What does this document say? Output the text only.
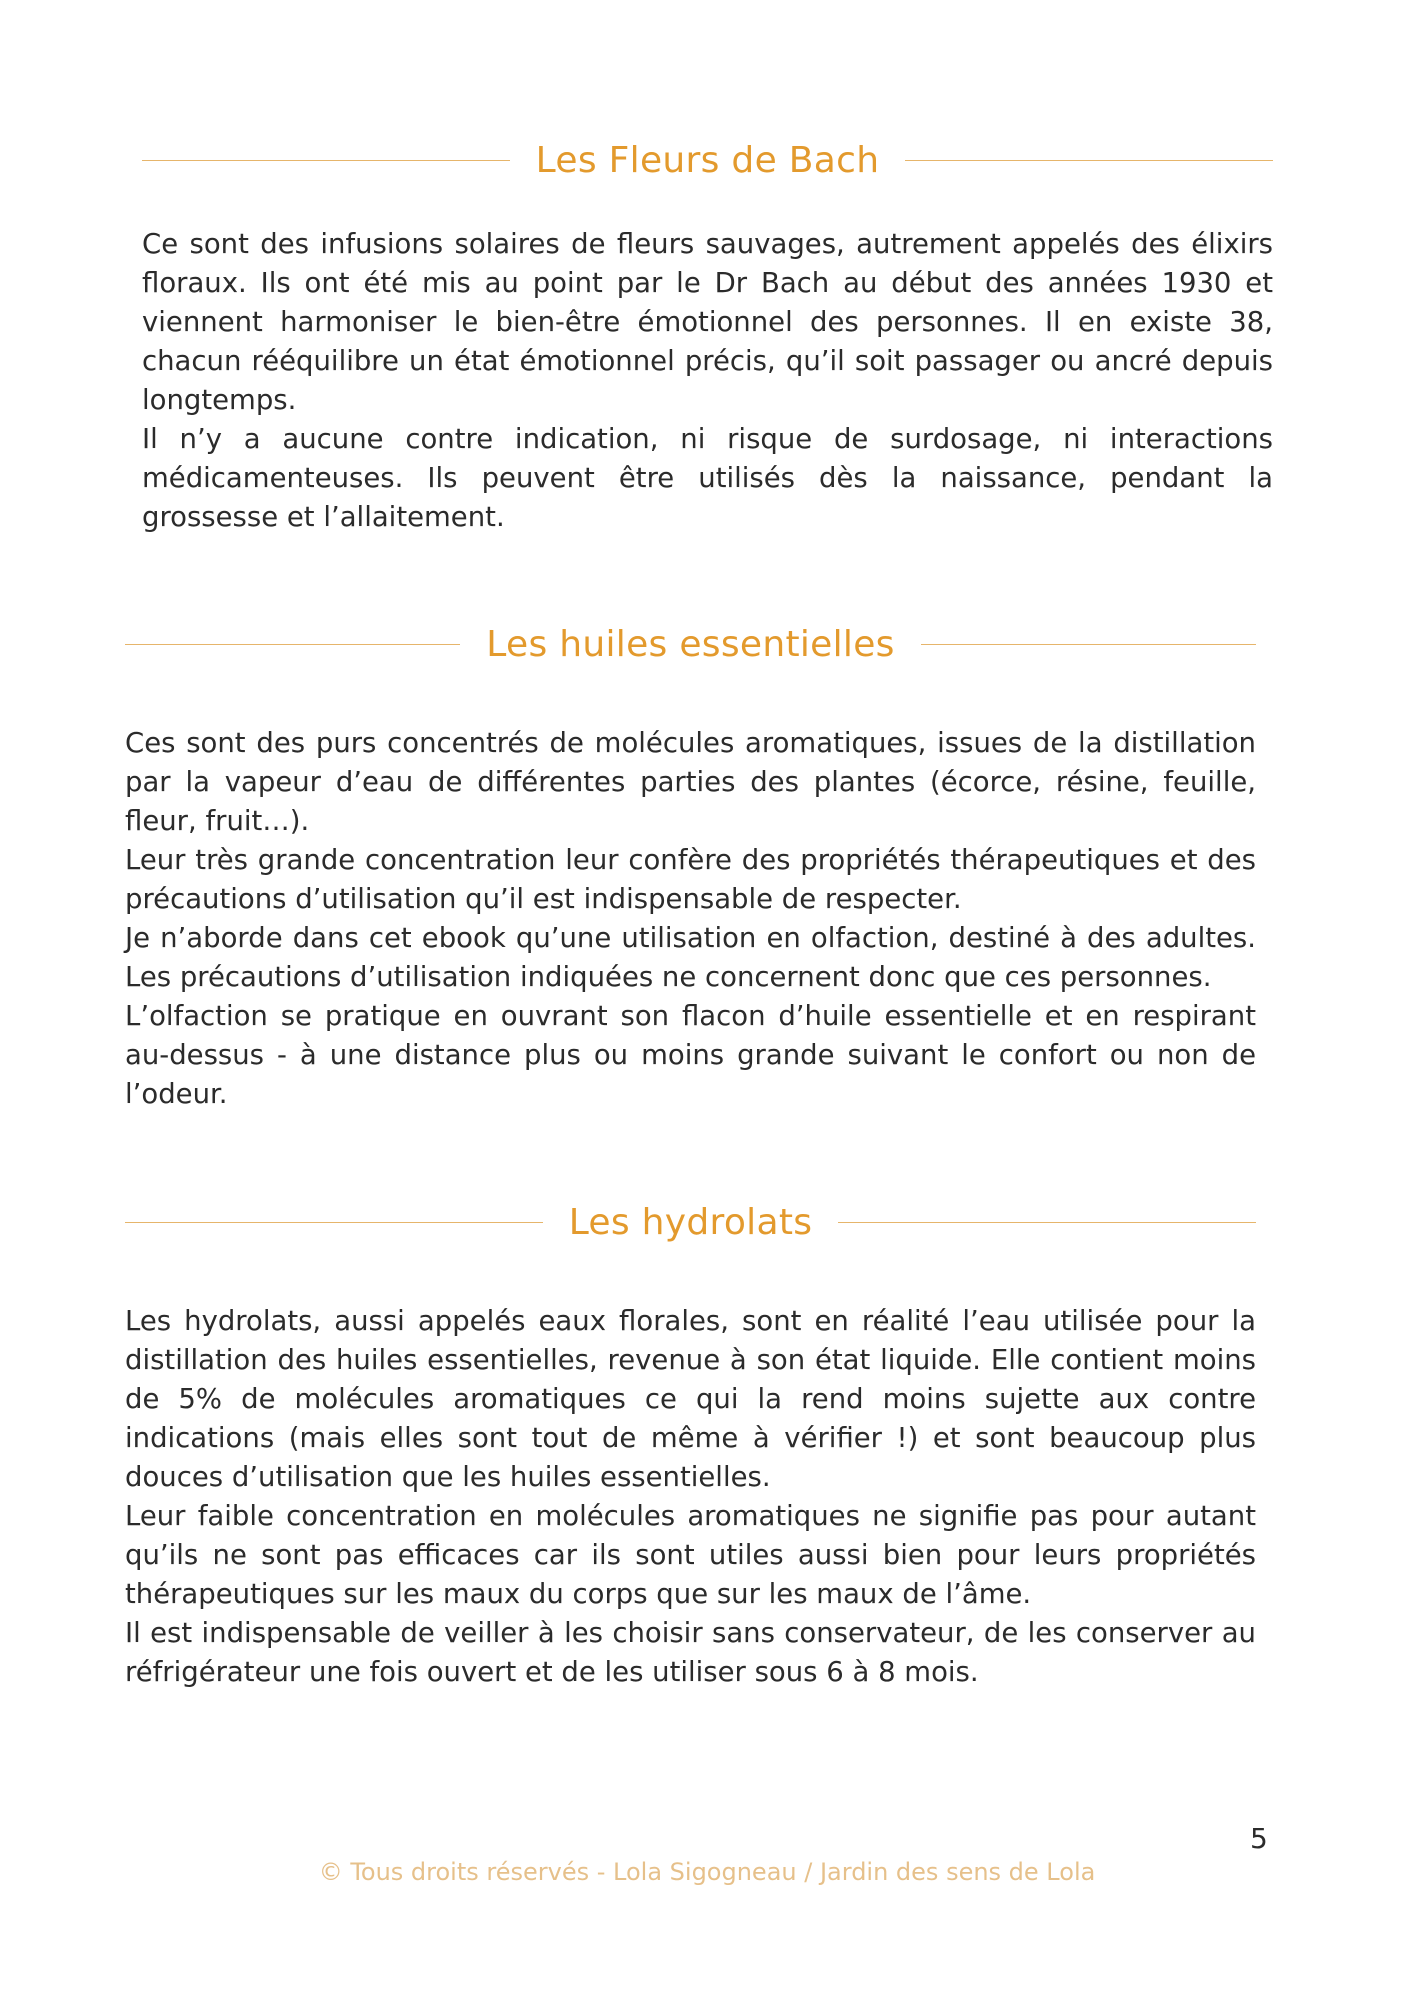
Les Fleurs de Bach

Ce sont des infusions solaires de fleurs sauvages, autrement appelés des élixirs floraux. Ils ont été mis au point par le Dr Bach au début des années 1930 et viennent harmoniser le bien-être émotionnel des personnes. Il en existe 38, chacun rééquilibre un état émotionnel précis, qu’il soit passager ou ancré depuis longtemps.

Il n’y a aucune contre indication, ni risque de surdosage, ni interactions médicamenteuses. Ils peuvent être utilisés dès la naissance, pendant la grossesse et l’allaitement.

Les huiles essentielles

Ces sont des purs concentrés de molécules aromatiques, issues de la distillation par la vapeur d’eau de différentes parties des plantes (écorce, résine, feuille, fleur, fruit…).

Leur très grande concentration leur confère des propriétés thérapeutiques et des précautions d’utilisation qu’il est indispensable de respecter.

Je n’aborde dans cet ebook qu’une utilisation en olfaction, destiné à des adultes. Les précautions d’utilisation indiquées ne concernent donc que ces personnes.

L’olfaction se pratique en ouvrant son flacon d’huile essentielle et en respirant au-dessus - à une distance plus ou moins grande suivant le confort ou non de l’odeur.

Les hydrolats

Les hydrolats, aussi appelés eaux florales, sont en réalité l’eau utilisée pour la distillation des huiles essentielles, revenue à son état liquide. Elle contient moins de 5% de molécules aromatiques ce qui la rend moins sujette aux contre indications (mais elles sont tout de même à vérifier !) et sont beaucoup plus douces d’utilisation que les huiles essentielles.

Leur faible concentration en molécules aromatiques ne signifie pas pour autant qu’ils ne sont pas efficaces car ils sont utiles aussi bien pour leurs propriétés thérapeutiques sur les maux du corps que sur les maux de l’âme.

Il est indispensable de veiller à les choisir sans conservateur, de les conserver au réfrigérateur une fois ouvert et de les utiliser sous 6 à 8 mois.

5
© Tous droits réservés - Lola Sigogneau / Jardin des sens de Lola
